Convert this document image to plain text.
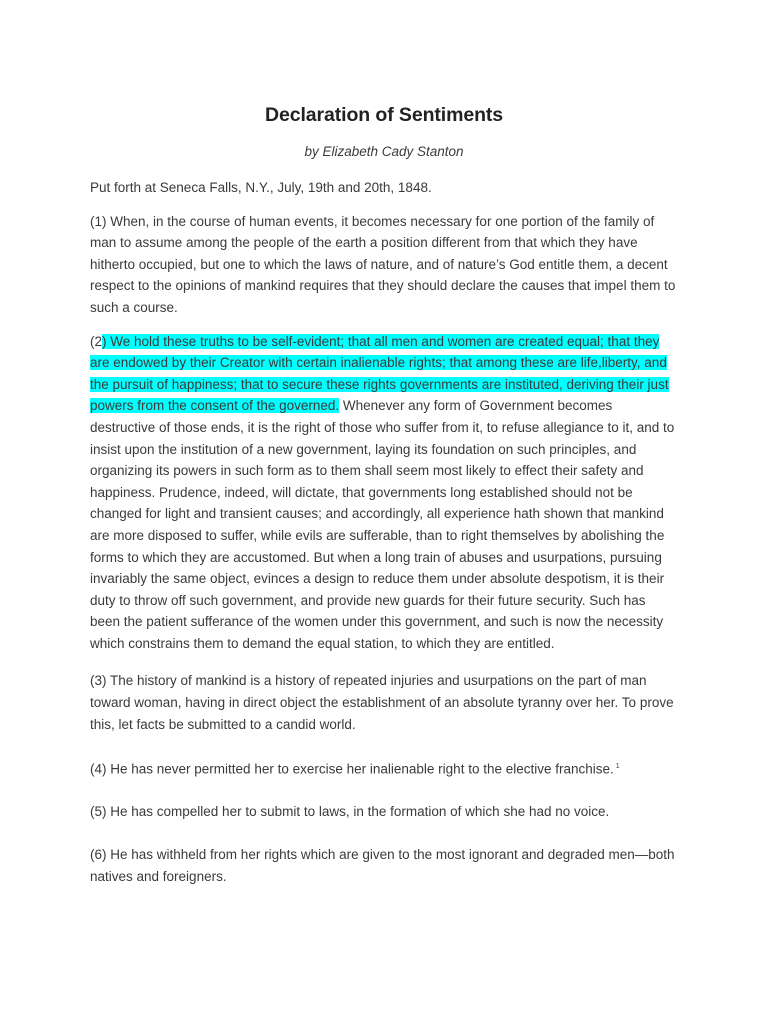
Declaration of Sentiments

by Elizabeth Cady Stanton

Put forth at Seneca Falls, N.Y., July, 19th and 20th, 1848.

(1) When, in the course of human events, it becomes necessary for one portion of the family of man to assume among the people of the earth a position different from that which they have hitherto occupied, but one to which the laws of nature, and of nature’s God entitle them, a decent respect to the opinions of mankind requires that they should declare the causes that impel them to such a course.

(2) We hold these truths to be self-evident; that all men and women are created equal; that they are endowed by their Creator with certain inalienable rights; that among these are life,liberty, and the pursuit of happiness; that to secure these rights governments are instituted, deriving their just powers from the consent of the governed. Whenever any form of Government becomes destructive of those ends, it is the right of those who suffer from it, to refuse allegiance to it, and to insist upon the institution of a new government, laying its foundation on such principles, and organizing its powers in such form as to them shall seem most likely to effect their safety and happiness. Prudence, indeed, will dictate, that governments long established should not be changed for light and transient causes; and accordingly, all experience hath shown that mankind are more disposed to suffer, while evils are sufferable, than to right themselves by abolishing the forms to which they are accustomed. But when a long train of abuses and usurpations, pursuing invariably the same object, evinces a design to reduce them under absolute despotism, it is their duty to throw off such government, and provide new guards for their future security. Such has been the patient sufferance of the women under this government, and such is now the necessity which constrains them to demand the equal station, to which they are entitled.

(3) The history of mankind is a history of repeated injuries and usurpations on the part of man toward woman, having in direct object the establishment of an absolute tyranny over her. To prove this, let facts be submitted to a candid world.

(4) He has never permitted her to exercise her inalienable right to the elective franchise. $^1$

(5) He has compelled her to submit to laws, in the formation of which she had no voice.

(6) He has withheld from her rights which are given to the most ignorant and degraded men—both natives and foreigners.
